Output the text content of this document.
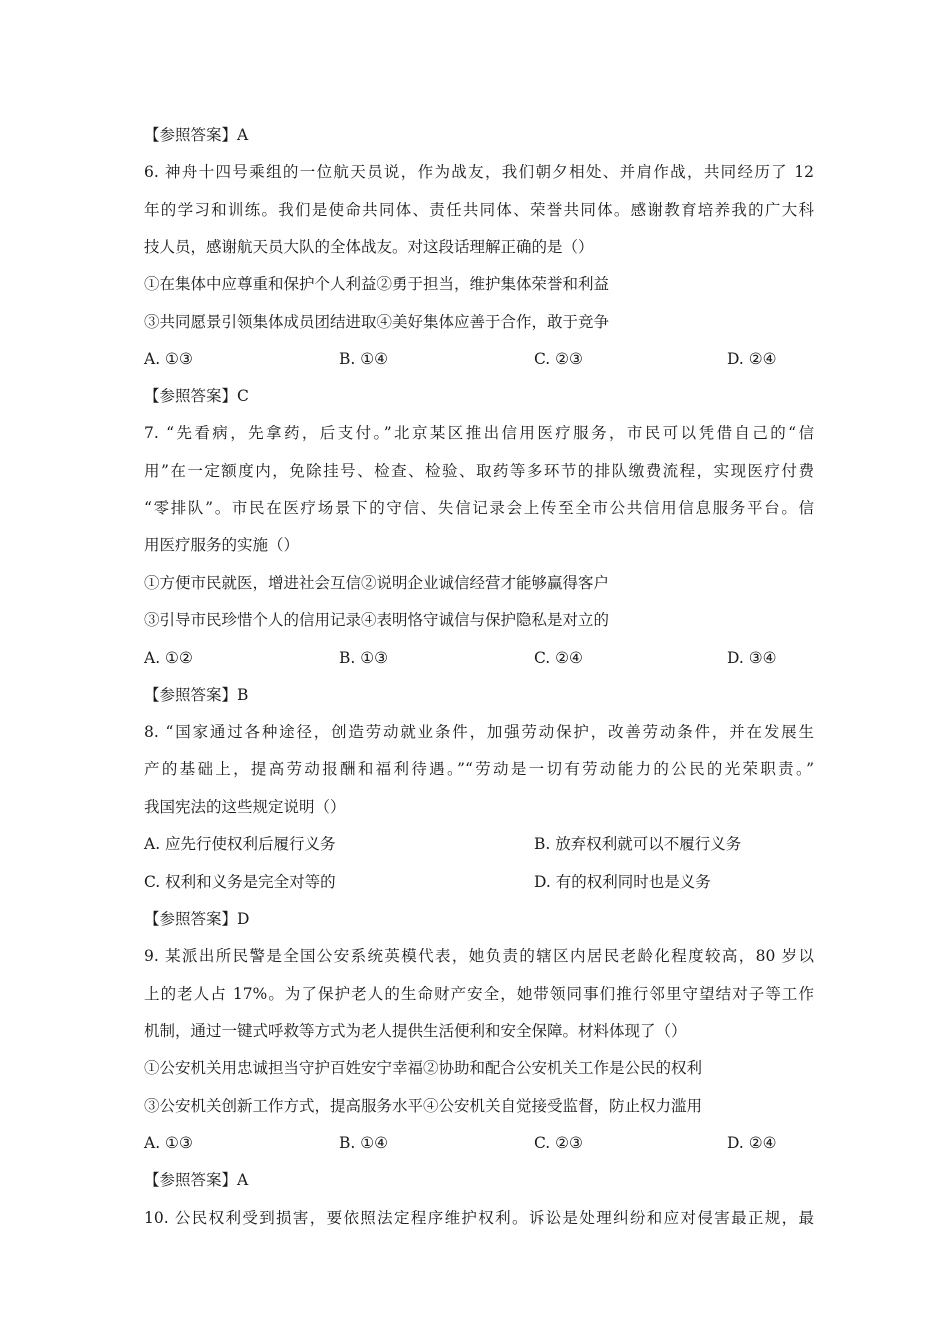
【参照答案】A
6. 神舟十四号乘组的一位航天员说，作为战友，我们朝夕相处、并肩作战，共同经历了 12
年的学习和训练。我们是使命共同体、责任共同体、荣誉共同体。感谢教育培养我的广大科
技人员，感谢航天员大队的全体战友。对这段话理解正确的是（）
①在集体中应尊重和保护个人利益②勇于担当，维护集体荣誉和利益
③共同愿景引领集体成员团结进取④美好集体应善于合作，敢于竞争
A. ①③	B. ①④	C. ②③	D. ②④
【参照答案】C
7. “先看病，先拿药，后支付。”北京某区推出信用医疗服务，市民可以凭借自己的“信
用”在一定额度内，免除挂号、检查、检验、取药等多环节的排队缴费流程，实现医疗付费
“零排队”。市民在医疗场景下的守信、失信记录会上传至全市公共信用信息服务平台。信
用医疗服务的实施（）
①方便市民就医，增进社会互信②说明企业诚信经营才能够赢得客户
③引导市民珍惜个人的信用记录④表明恪守诚信与保护隐私是对立的
A. ①②	B. ①③	C. ②④	D. ③④
【参照答案】B
8. “国家通过各种途径，创造劳动就业条件，加强劳动保护，改善劳动条件，并在发展生
产的基础上，提高劳动报酬和福利待遇。”“劳动是一切有劳动能力的公民的光荣职责。”
我国宪法的这些规定说明（）
A. 应先行使权利后履行义务	B. 放弃权利就可以不履行义务
C. 权利和义务是完全对等的	D. 有的权利同时也是义务
【参照答案】D
9. 某派出所民警是全国公安系统英模代表，她负责的辖区内居民老龄化程度较高，80 岁以
上的老人占 17%。为了保护老人的生命财产安全，她带领同事们推行邻里守望结对子等工作
机制，通过一键式呼救等方式为老人提供生活便利和安全保障。材料体现了（）
①公安机关用忠诚担当守护百姓安宁幸福②协助和配合公安机关工作是公民的权利
③公安机关创新工作方式，提高服务水平④公安机关自觉接受监督，防止权力滥用
A. ①③	B. ①④	C. ②③	D. ②④
【参照答案】A
10. 公民权利受到损害，要依照法定程序维护权利。诉讼是处理纠纷和应对侵害最正规，最
